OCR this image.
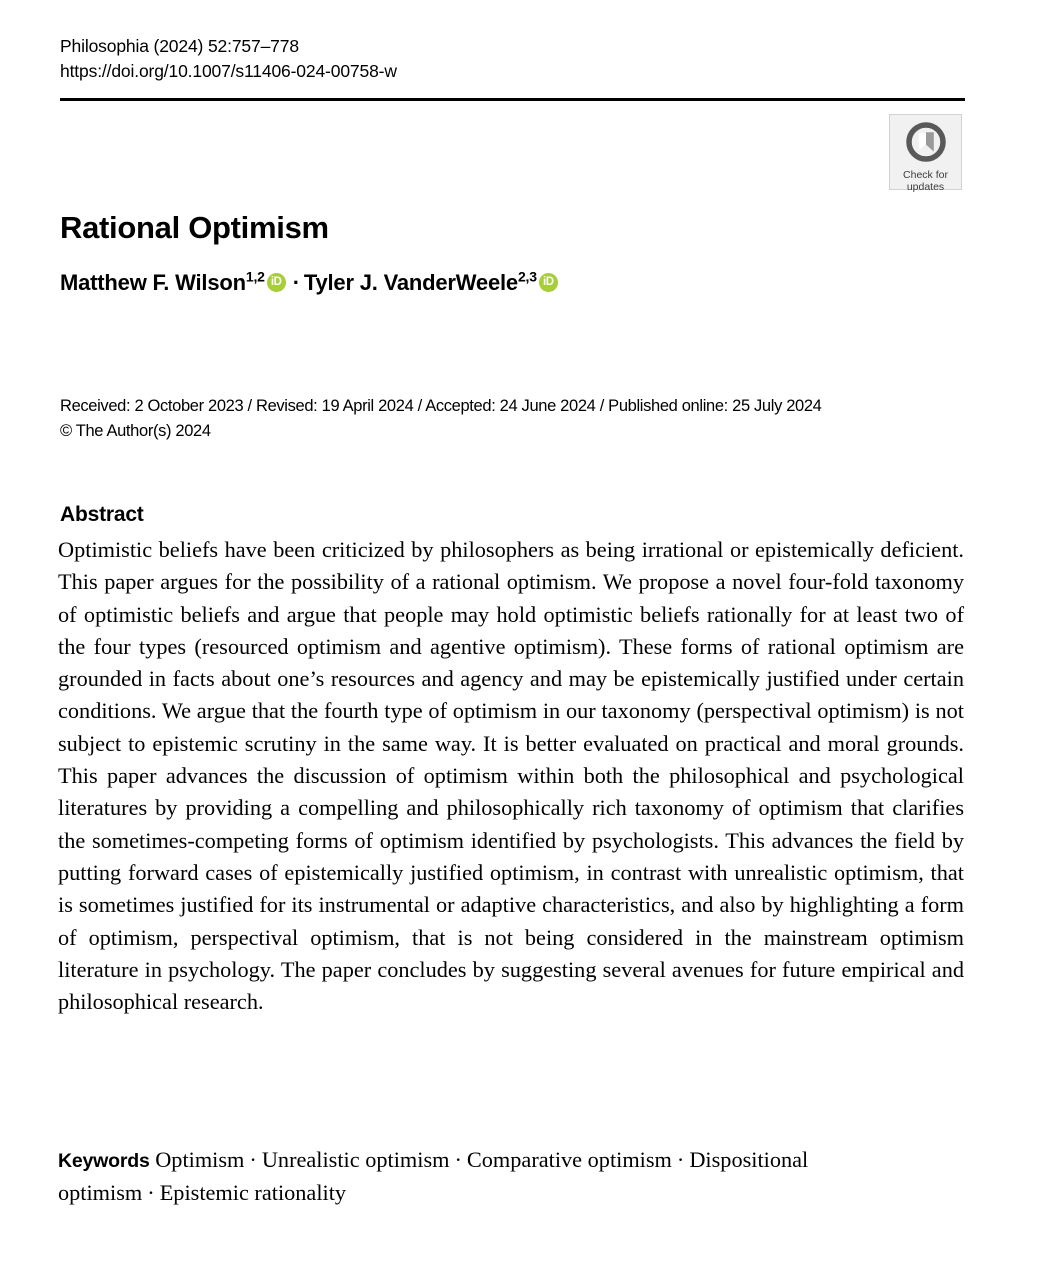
Philosophia (2024) 52:757–778
https://doi.org/10.1007/s11406-024-00758-w
Check for
updates
Rational Optimism
Matthew F. Wilson$^{1,2}$ iD · Tyler J. VanderWeele$^{2,3}$ iD
Received: 2 October 2023 / Revised: 19 April 2024 / Accepted: 24 June 2024 / Published online: 25 July 2024
© The Author(s) 2024
Abstract
Optimistic beliefs have been criticized by philosophers as being irrational or epistemically deficient. This paper argues for the possibility of a rational optimism. We propose a novel four-fold taxonomy of optimistic beliefs and argue that people may hold optimistic beliefs rationally for at least two of the four types (resourced optimism and agentive optimism). These forms of rational optimism are grounded in facts about one’s resources and agency and may be epistemically justified under certain conditions. We argue that the fourth type of optimism in our taxonomy (perspectival optimism) is not subject to epistemic scrutiny in the same way. It is better evaluated on practical and moral grounds. This paper advances the discussion of optimism within both the philosophical and psychological literatures by providing a compelling and philosophically rich taxonomy of optimism that clarifies the sometimes-competing forms of optimism identified by psychologists. This advances the field by putting forward cases of epistemically justified optimism, in contrast with unrealistic optimism, that is sometimes justified for its instrumental or adaptive characteristics, and also by highlighting a form of optimism, perspectival optimism, that is not being considered in the mainstream optimism literature in psychology. The paper concludes by suggesting several avenues for future empirical and philosophical research.
Keywords Optimism · Unrealistic optimism · Comparative optimism · Dispositional optimism · Epistemic rationality
